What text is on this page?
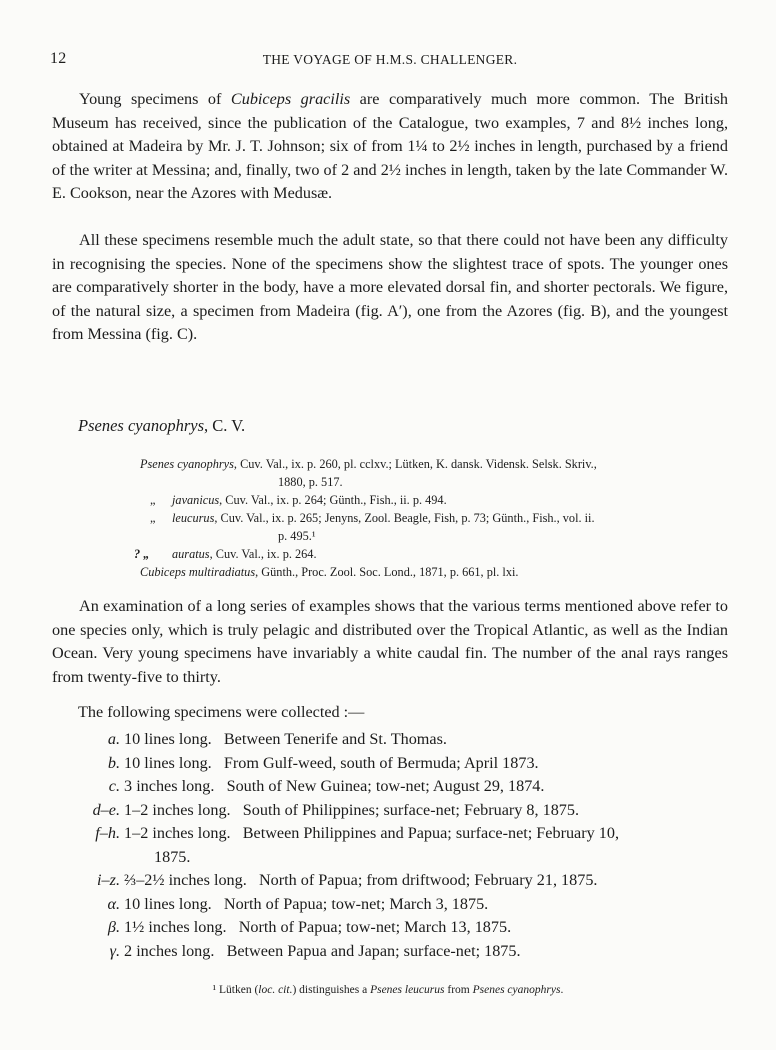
12	THE VOYAGE OF H.M.S. CHALLENGER.

Young specimens of Cubiceps gracilis are comparatively much more common. The British Museum has received, since the publication of the Catalogue, two examples, 7 and 8½ inches long, obtained at Madeira by Mr. J. T. Johnson; six of from 1¼ to 2½ inches in length, purchased by a friend of the writer at Messina; and, finally, two of 2 and 2½ inches in length, taken by the late Commander W. E. Cookson, near the Azores with Medusæ.

All these specimens resemble much the adult state, so that there could not have been any difficulty in recognising the species. None of the specimens show the slightest trace of spots. The younger ones are comparatively shorter in the body, have a more elevated dorsal fin, and shorter pectorals. We figure, of the natural size, a specimen from Madeira (fig. A′), one from the Azores (fig. B), and the youngest from Messina (fig. C).

Psenes cyanophrys, C. V.
Psenes cyanophrys, Cuv. Val., ix. p. 260, pl. cclxv.; Lütken, K. dansk. Vidensk. Selsk. Skriv.,
1880, p. 517.
„ javanicus, Cuv. Val., ix. p. 264; Günth., Fish., ii. p. 494.
„ leucurus, Cuv. Val., ix. p. 265; Jenyns, Zool. Beagle, Fish, p. 73; Günth., Fish., vol. ii.
p. 495.¹
? „ auratus, Cuv. Val., ix. p. 264.
Cubiceps multiradiatus, Günth., Proc. Zool. Soc. Lond., 1871, p. 661, pl. lxi.

An examination of a long series of examples shows that the various terms mentioned above refer to one species only, which is truly pelagic and distributed over the Tropical Atlantic, as well as the Indian Ocean. Very young specimens have invariably a white caudal fin. The number of the anal rays ranges from twenty-five to thirty.

The following specimens were collected :—
a. 10 lines long. Between Tenerife and St. Thomas.
b. 10 lines long. From Gulf-weed, south of Bermuda; April 1873.
c. 3 inches long. South of New Guinea; tow-net; August 29, 1874.
d–e. 1–2 inches long. South of Philippines; surface-net; February 8, 1875.
f–h. 1–2 inches long. Between Philippines and Papua; surface-net; February 10,
1875.
i–z. ⅔–2½ inches long. North of Papua; from driftwood; February 21, 1875.
α. 10 lines long. North of Papua; tow-net; March 3, 1875.
β. 1½ inches long. North of Papua; tow-net; March 13, 1875.
γ. 2 inches long. Between Papua and Japan; surface-net; 1875.
¹ Lütken (loc. cit.) distinguishes a Psenes leucurus from Psenes cyanophrys.
